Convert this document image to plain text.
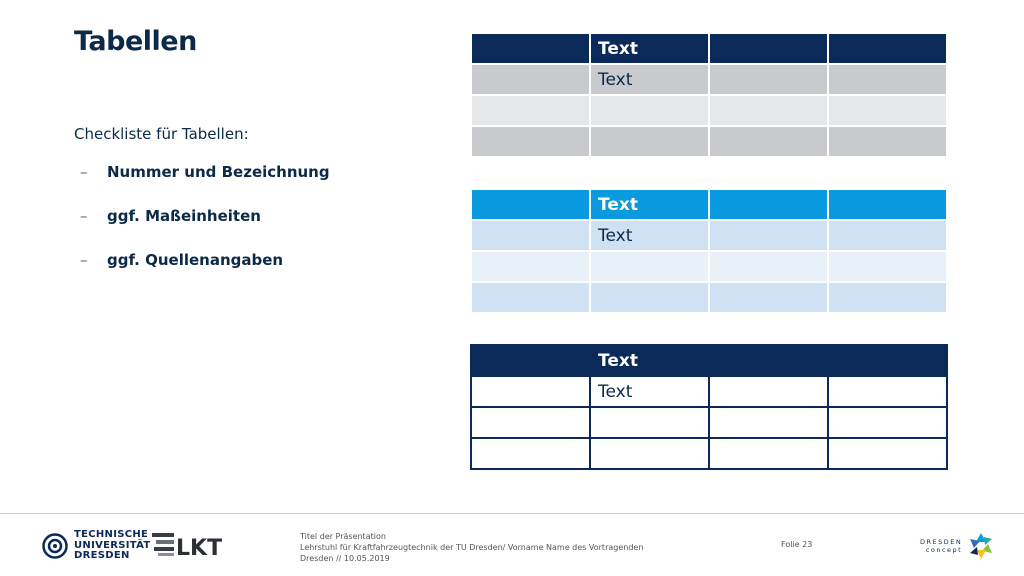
Tabellen
Checkliste für Tabellen:
–	Nummer und Bezeichnung
–	ggf. Maßeinheiten
–	ggf. Quellenangaben
	Text		
	Text		

	Text		
	Text		

	Text		
	Text		

TECHNISCHE
UNIVERSITÄT
DRESDEN	LKT	Titel der Präsentation
Lehrstuhl für Kraftfahrzeugtechnik der TU Dresden/ Vorname Name des Vortragenden
Dresden // 10.05.2019
Folie 23	DRESDEN
concept
